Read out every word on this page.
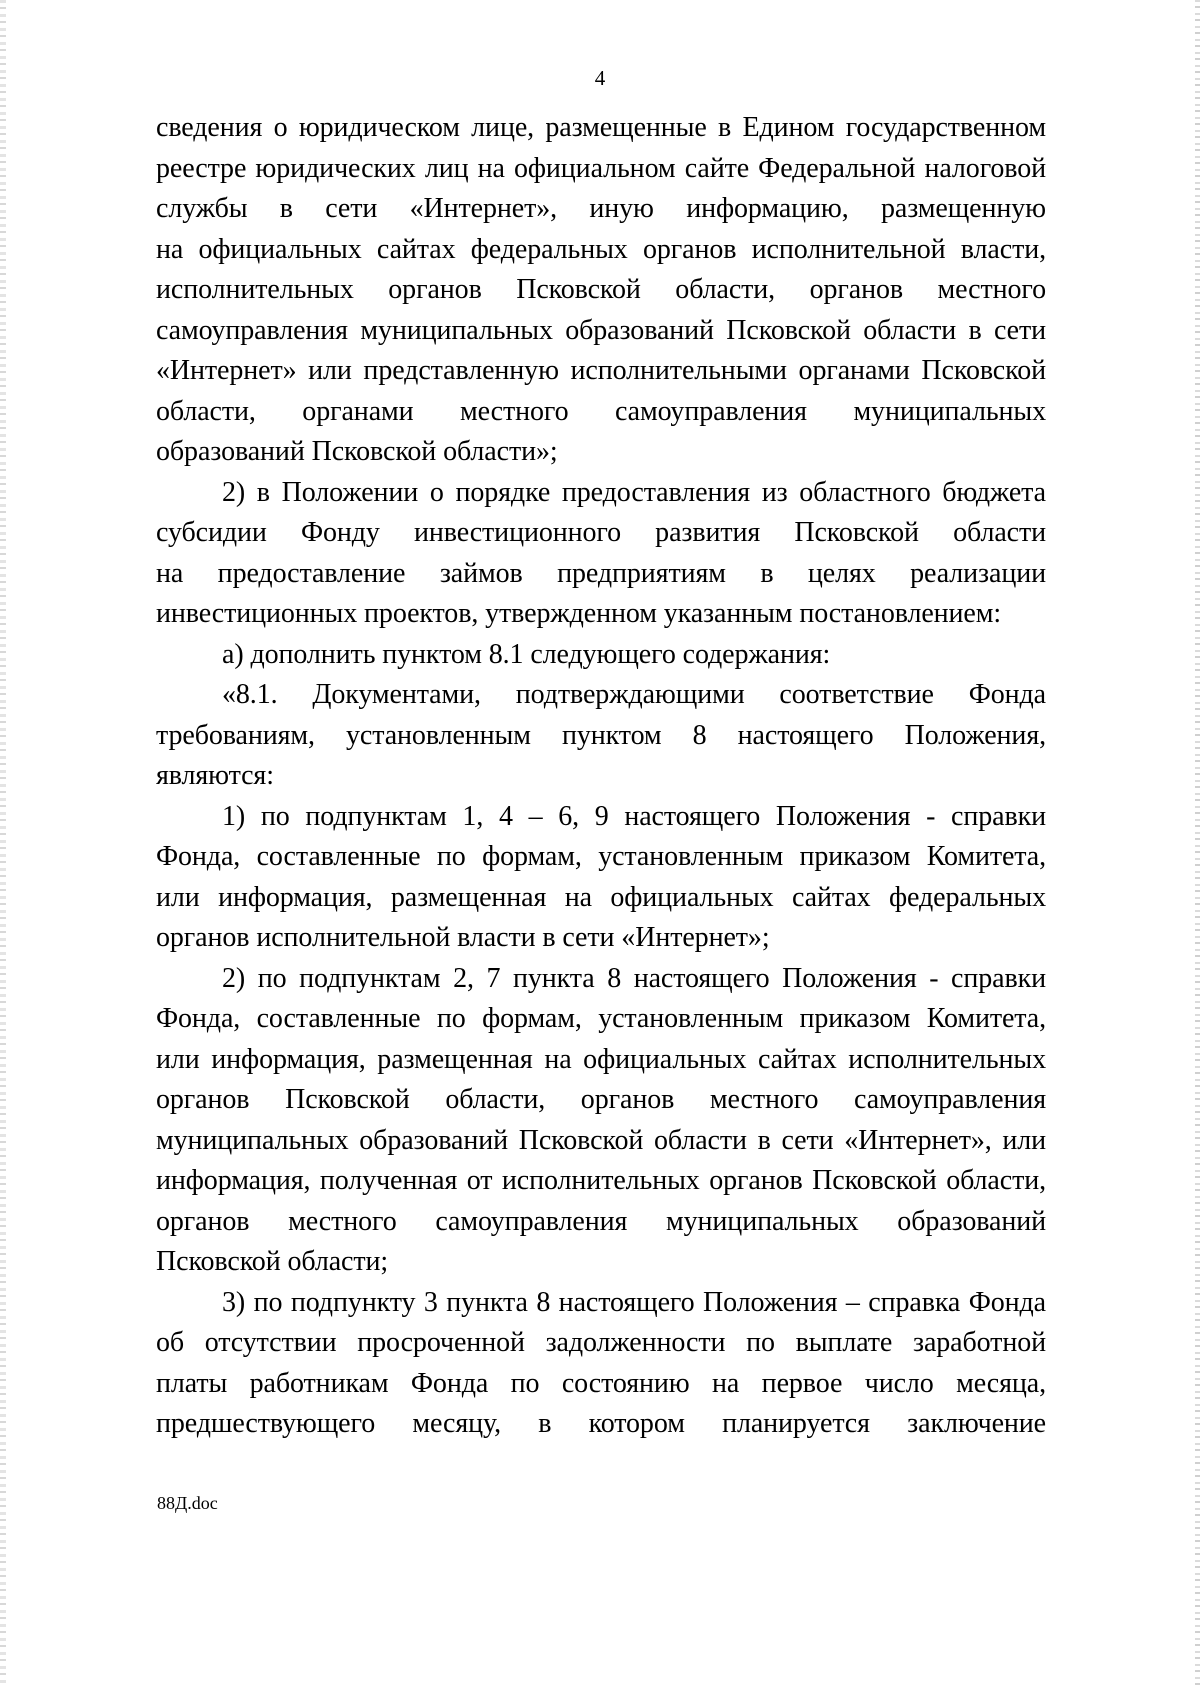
4
сведения о юридическом лице, размещенные в Едином государственном
реестре юридических лиц на официальном сайте Федеральной налоговой
службы в сети «Интернет», иную информацию, размещенную
на официальных сайтах федеральных органов исполнительной власти,
исполнительных органов Псковской области, органов местного
самоуправления муниципальных образований Псковской области в сети
«Интернет» или представленную исполнительными органами Псковской
области, органами местного самоуправления муниципальных
образований Псковской области»;
2) в Положении о порядке предоставления из областного бюджета
субсидии Фонду инвестиционного развития Псковской области
на предоставление займов предприятиям в целях реализации
инвестиционных проектов, утвержденном указанным постановлением:
а) дополнить пунктом 8.1 следующего содержания:
«8.1. Документами, подтверждающими соответствие Фонда
требованиям, установленным пунктом 8 настоящего Положения,
являются:
1) по подпунктам 1, 4 – 6, 9 настоящего Положения - справки
Фонда, составленные по формам, установленным приказом Комитета,
или информация, размещенная на официальных сайтах федеральных
органов исполнительной власти в сети «Интернет»;
2) по подпунктам 2, 7 пункта 8 настоящего Положения - справки
Фонда, составленные по формам, установленным приказом Комитета,
или информация, размещенная на официальных сайтах исполнительных
органов Псковской области, органов местного самоуправления
муниципальных образований Псковской области в сети «Интернет», или
информация, полученная от исполнительных органов Псковской области,
органов местного самоуправления муниципальных образований
Псковской области;
3) по подпункту 3 пункта 8 настоящего Положения – справка Фонда
об отсутствии просроченной задолженности по выплате заработной
платы работникам Фонда по состоянию на первое число месяца,
предшествующего месяцу, в котором планируется заключение
88Д.doc
